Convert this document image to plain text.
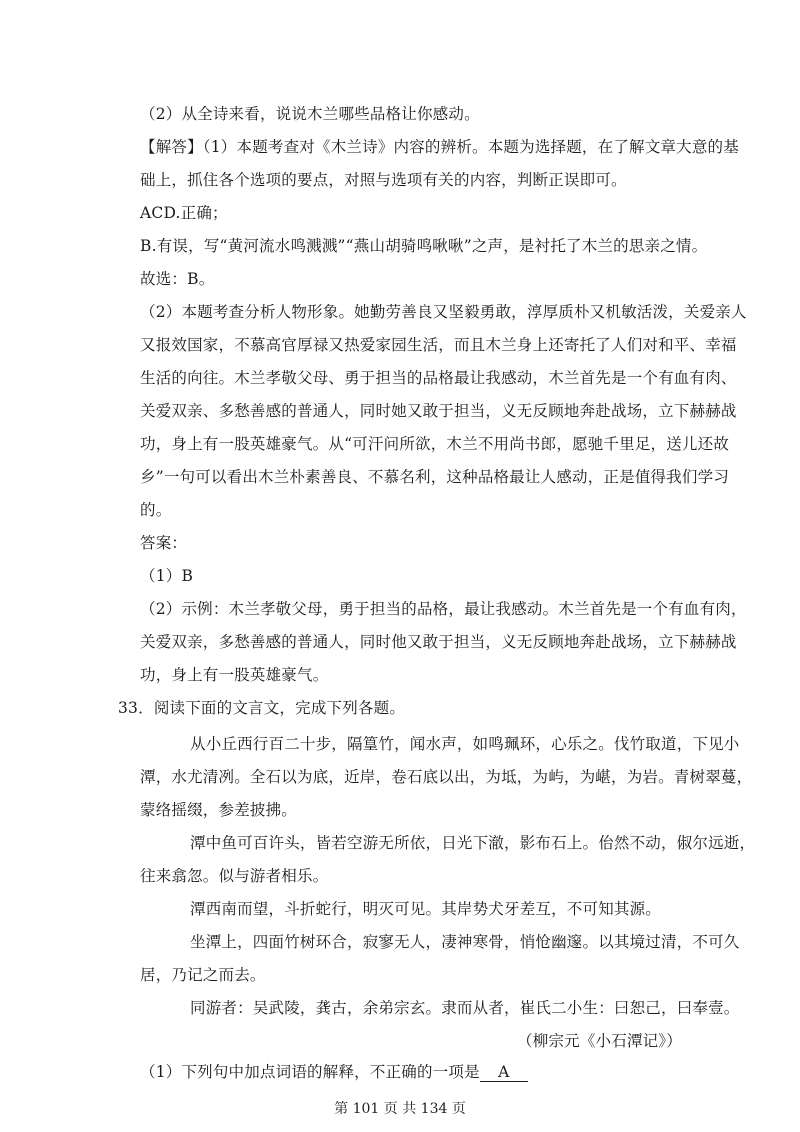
（2）从全诗来看，说说木兰哪些品格让你感动。
【解答】（1）本题考查对《木兰诗》内容的辨析。本题为选择题，在了解文章大意的基
础上，抓住各个选项的要点，对照与选项有关的内容，判断正误即可。
ACD.正确；
B.有误，写“黄河流水鸣溅溅”“燕山胡骑鸣啾啾”之声，是衬托了木兰的思亲之情。
故选：B。
（2）本题考查分析人物形象。她勤劳善良又坚毅勇敢，淳厚质朴又机敏活泼，关爱亲人
又报效国家，不慕高官厚禄又热爱家园生活，而且木兰身上还寄托了人们对和平、幸福
生活的向往。木兰孝敬父母、勇于担当的品格最让我感动，木兰首先是一个有血有肉、
关爱双亲、多愁善感的普通人，同时她又敢于担当，义无反顾地奔赴战场，立下赫赫战
功，身上有一股英雄豪气。从“可汗问所欲，木兰不用尚书郎，愿驰千里足，送儿还故
乡”一句可以看出木兰朴素善良、不慕名利，这种品格最让人感动，正是值得我们学习
的。
答案：
（1）B
（2）示例：木兰孝敬父母，勇于担当的品格，最让我感动。木兰首先是一个有血有肉，
关爱双亲，多愁善感的普通人，同时他又敢于担当，义无反顾地奔赴战场，立下赫赫战
功，身上有一股英雄豪气。
33．阅读下面的文言文，完成下列各题。
从小丘西行百二十步，隔篁竹，闻水声，如鸣珮环，心乐之。伐竹取道，下见小
潭，水尤清冽。全石以为底，近岸，卷石底以出，为坻，为屿，为嵁，为岩。青树翠蔓，
蒙络摇缀，参差披拂。
潭中鱼可百许头，皆若空游无所依，日光下澈，影布石上。佁然不动，俶尔远逝，
往来翕忽。似与游者相乐。
潭西南而望，斗折蛇行，明灭可见。其岸势犬牙差互，不可知其源。
坐潭上，四面竹树环合，寂寥无人，凄神寒骨，悄怆幽邃。以其境过清，不可久
居，乃记之而去。
同游者：吴武陵，龚古，余弟宗玄。隶而从者，崔氏二小生：曰恕己，曰奉壹。
（柳宗元《小石潭记》）
（1）下列句中加点词语的解释，不正确的一项是 A
第 101 页 共 134 页
